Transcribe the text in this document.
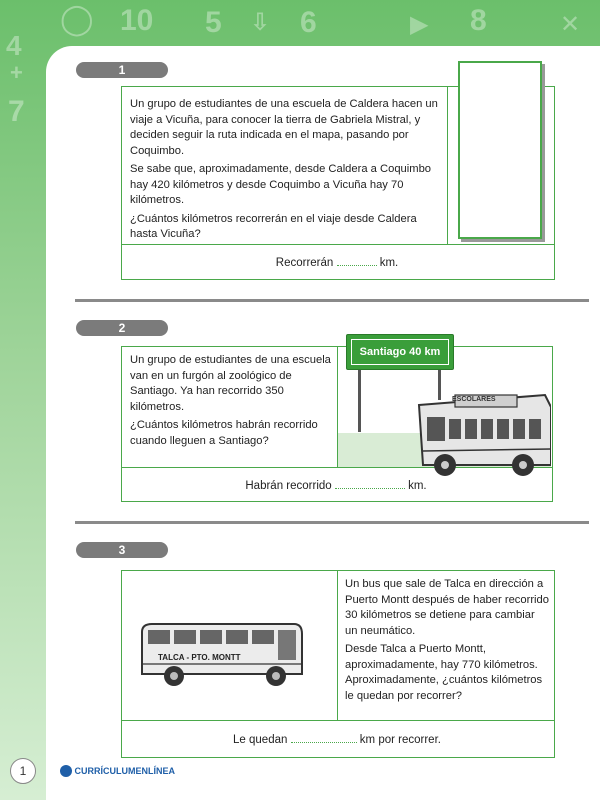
10 5	6	8
4
7
+
⇩	▶	✕
◯
1

Un grupo de estudiantes de una escuela de Caldera hacen un viaje a Vicuña, para conocer la tierra de Gabriela Mistral, y deciden seguir la ruta indicada en el mapa, pasando por Coquimbo.

Se sabe que, aproximadamente, desde Caldera a Coquimbo hay 420 kilómetros y desde Coquimbo a Vicuña hay 70 kilómetros.

¿Cuántos kilómetros recorrerán en el viaje desde Caldera hasta Vicuña?

Recorrerán	km.
2

Un grupo de estudiantes de una escuela van en un furgón al zoológico de Santiago. Ya han recorrido 350 kilómetros.

¿Cuántos kilómetros habrán recorrido cuando lleguen a Santiago?

Santiago 40 km
ESCOLARES
Habrán recorrido	km.
3

Un bus que sale de Talca en dirección a Puerto Montt después de haber recorrido 30 kilómetros se detiene para cambiar un neumático.

Desde Talca a Puerto Montt, aproximadamente, hay 770 kilómetros. Aproximadamente, ¿cuántos kilómetros le quedan por recorrer?

TALCA - PTO. MONTT
Le quedan	km por recorrer.
1	CURRÍCULUMENLÍNEA
